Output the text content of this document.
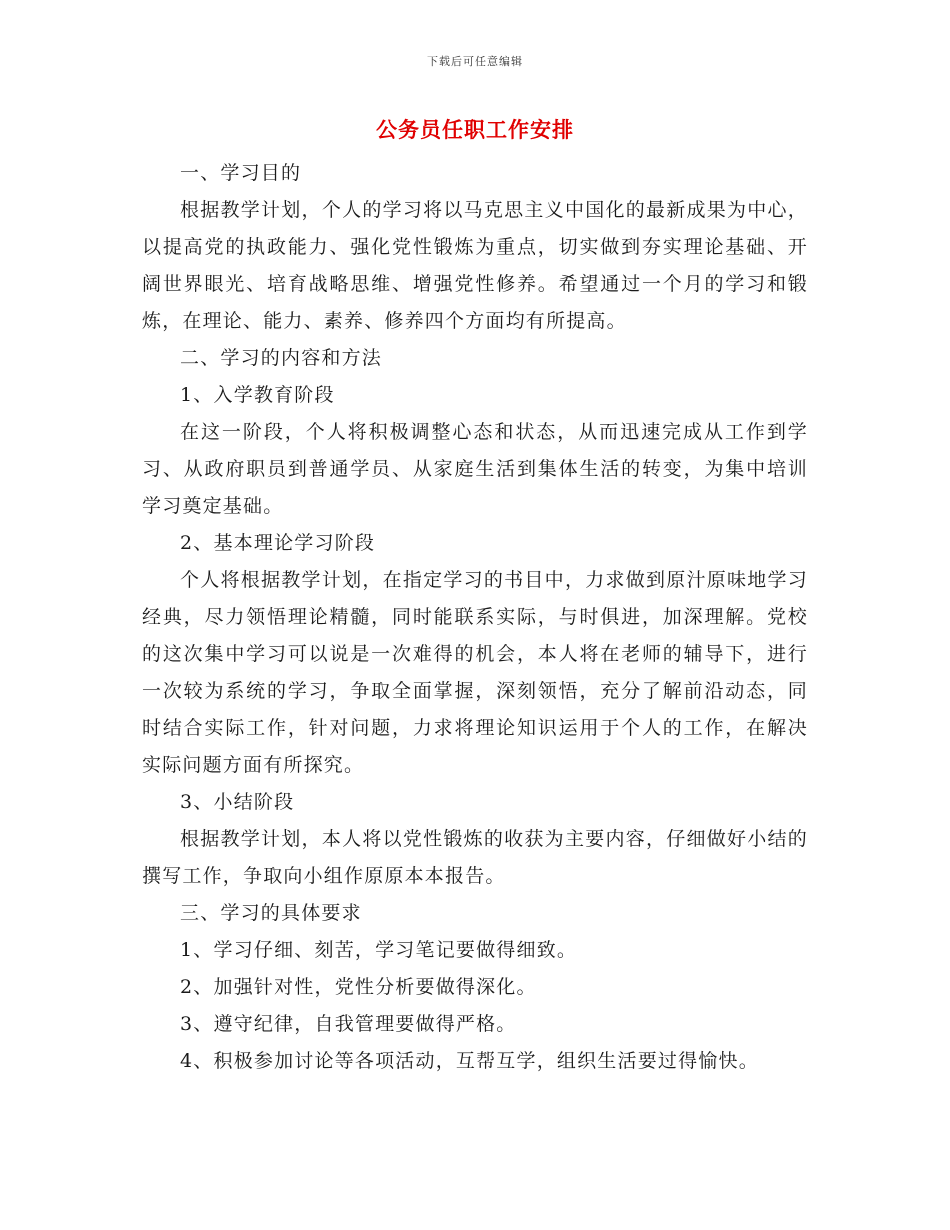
下载后可任意编辑
公务员任职工作安排

一、学习目的

根据教学计划，个人的学习将以马克思主义中国化的最新成果为中心，以提高党的执政能力、强化党性锻炼为重点，切实做到夯实理论基础、开阔世界眼光、培育战略思维、增强党性修养。希望通过一个月的学习和锻炼，在理论、能力、素养、修养四个方面均有所提高。

二、学习的内容和方法

1、入学教育阶段

在这一阶段，个人将积极调整心态和状态，从而迅速完成从工作到学习、从政府职员到普通学员、从家庭生活到集体生活的转变，为集中培训学习奠定基础。

2、基本理论学习阶段

个人将根据教学计划，在指定学习的书目中，力求做到原汁原味地学习经典，尽力领悟理论精髓，同时能联系实际，与时俱进，加深理解。党校的这次集中学习可以说是一次难得的机会，本人将在老师的辅导下，进行一次较为系统的学习，争取全面掌握，深刻领悟，充分了解前沿动态，同时结合实际工作，针对问题，力求将理论知识运用于个人的工作，在解决实际问题方面有所探究。

3、小结阶段

根据教学计划，本人将以党性锻炼的收获为主要内容，仔细做好小结的撰写工作，争取向小组作原原本本报告。

三、学习的具体要求

1、学习仔细、刻苦，学习笔记要做得细致。

2、加强针对性，党性分析要做得深化。

3、遵守纪律，自我管理要做得严格。

4、积极参加讨论等各项活动，互帮互学，组织生活要过得愉快。
